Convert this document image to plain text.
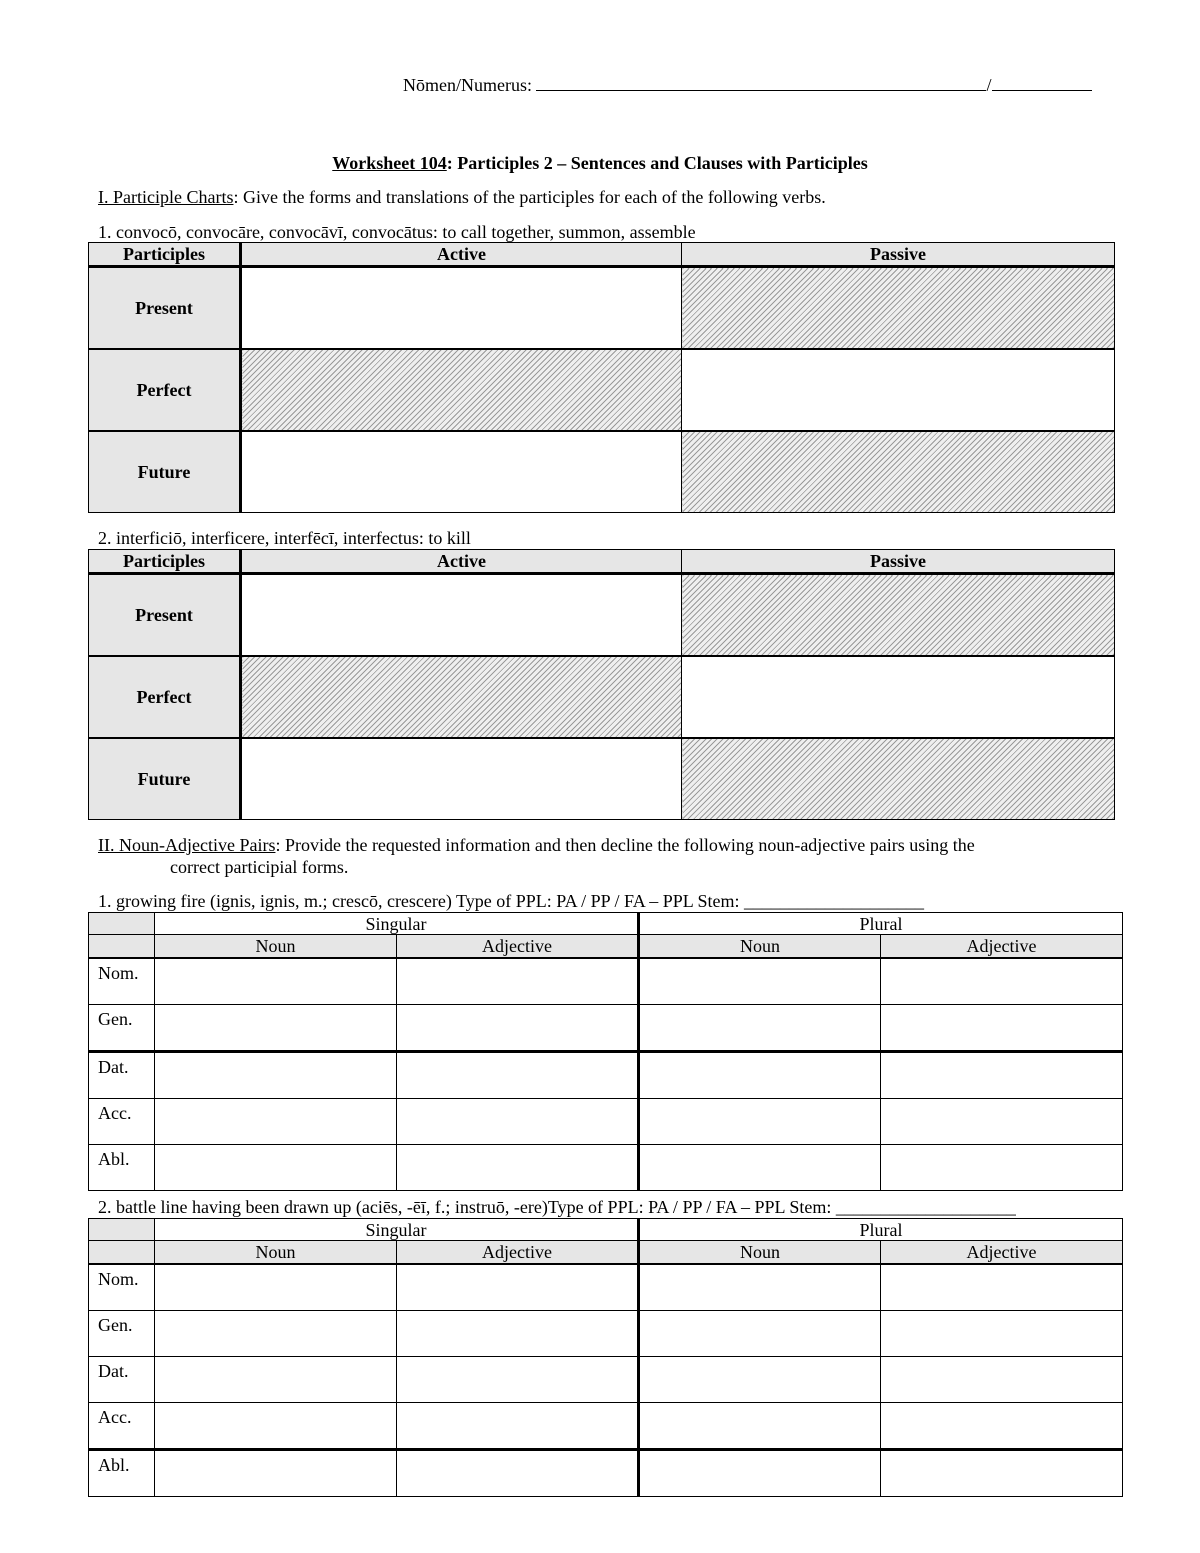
Nōmen/Numerus:	/
Worksheet 104: Participles 2 – Sentences and Clauses with Participles
I. Participle Charts: Give the forms and translations of the participles for each of the following verbs.
1. convocō, convocāre, convocāvī, convocātus: to call together, summon, assemble
Participles	Active	Passive
Present		
Perfect		
Future		
2. interficiō, interficere, interfēcī, interfectus: to kill
Participles	Active	Passive
Present		
Perfect		
Future		
II. Noun-Adjective Pairs: Provide the requested information and then decline the following noun-adjective pairs using the
correct participial forms.
1. growing fire (ignis, ignis, m.; crescō, crescere) Type of PPL: PA / PP / FA – PPL Stem: ____________________
	Singular		Plural	
	Noun	Adjective	Noun	Adjective
Nom.				
Gen.				
Dat.				
Acc.				
Abl.				
2. battle line having been drawn up (aciēs, -ēī, f.; instruō, -ere)Type of PPL: PA / PP / FA – PPL Stem: ____________________
	Singular		Plural	
	Noun	Adjective	Noun	Adjective
Nom.				
Gen.				
Dat.				
Acc.				
Abl.				
